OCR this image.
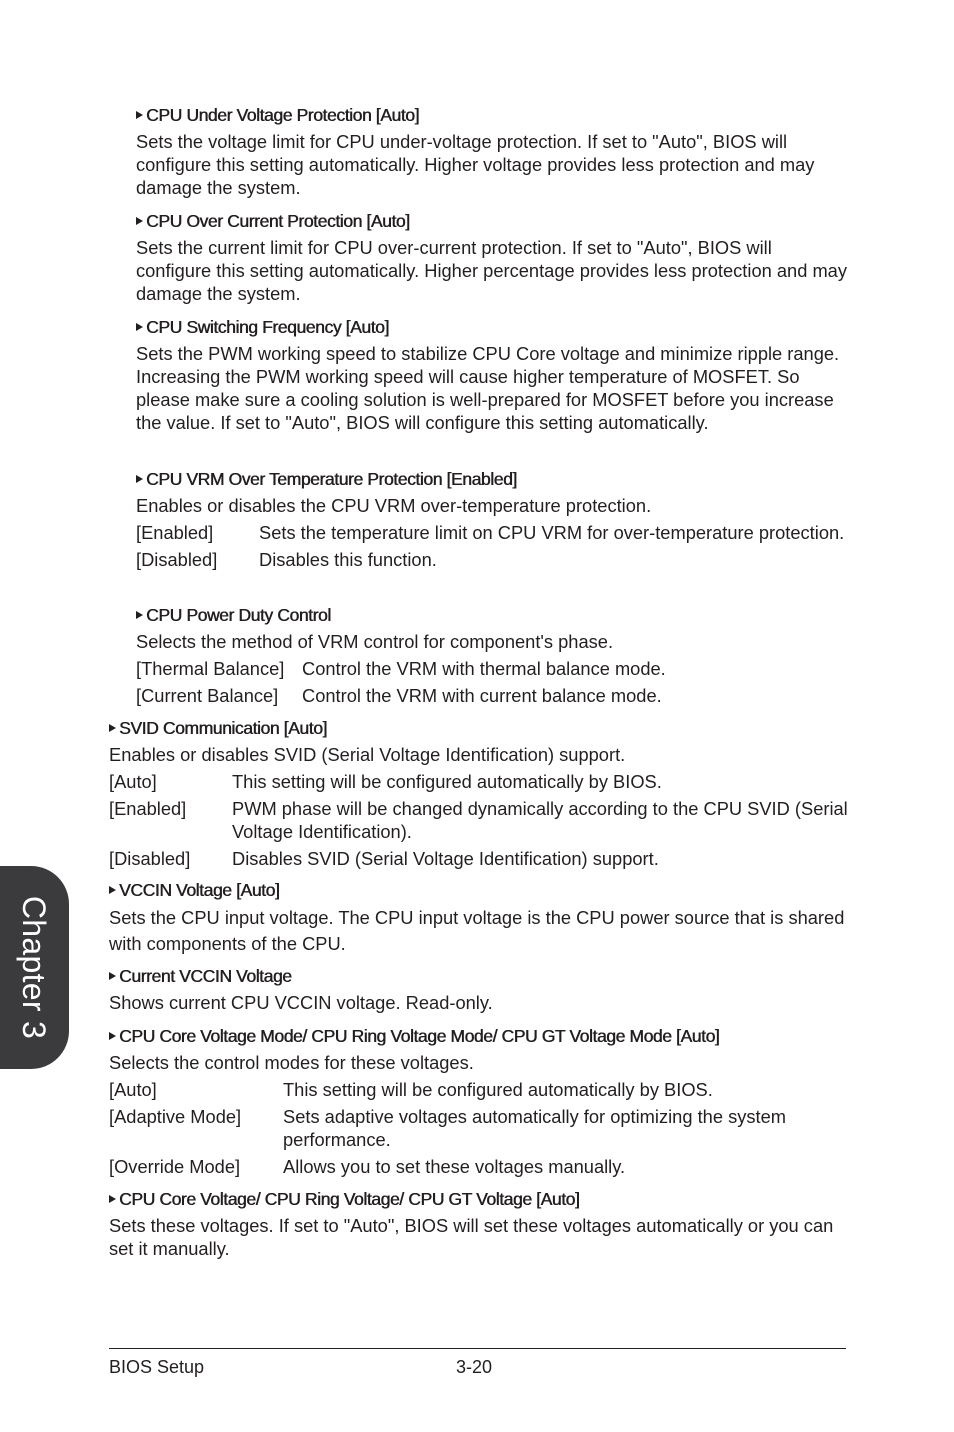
CPU Under Voltage Protection [Auto]
Sets the voltage limit for CPU under-voltage protection. If set to "Auto", BIOS will configure this setting automatically. Higher voltage provides less protection and may damage the system.
CPU Over Current Protection [Auto]
Sets the current limit for CPU over-current protection. If set to "Auto", BIOS will configure this setting automatically. Higher percentage provides less protection and may damage the system.
CPU Switching Frequency [Auto]
Sets the PWM working speed to stabilize CPU Core voltage and minimize ripple range. Increasing the PWM working speed will cause higher temperature of MOSFET. So please make sure a cooling solution is well-prepared for MOSFET before you increase the value. If set to "Auto", BIOS will configure this setting automatically.
CPU VRM Over Temperature Protection [Enabled]
Enables or disables the CPU VRM over-temperature protection.
[Enabled]	Sets the temperature limit on CPU VRM for over-temperature protection.
[Disabled]	Disables this function.
CPU Power Duty Control
Selects the method of VRM control for component's phase.
[Thermal Balance] Control the VRM with thermal balance mode.
[Current Balance]	Control the VRM with current balance mode.
SVID Communication [Auto]
Enables or disables SVID (Serial Voltage Identification) support.
[Auto]	This setting will be configured automatically by BIOS.
[Enabled]	PWM phase will be changed dynamically according to the CPU SVID (Serial Voltage Identification).
[Disabled]	Disables SVID (Serial Voltage Identification) support.
VCCIN Voltage [Auto]
Sets the CPU input voltage. The CPU input voltage is the CPU power source that is shared with components of the CPU.
Current VCCIN Voltage
Shows current CPU VCCIN voltage. Read-only.
CPU Core Voltage Mode/ CPU Ring Voltage Mode/ CPU GT Voltage Mode [Auto]
Selects the control modes for these voltages.
[Auto]	This setting will be configured automatically by BIOS.
[Adaptive Mode]	Sets adaptive voltages automatically for optimizing the system performance.
[Override Mode]	Allows you to set these voltages manually.
CPU Core Voltage/ CPU Ring Voltage/ CPU GT Voltage [Auto]
Sets these voltages. If set to "Auto", BIOS will set these voltages automatically or you can set it manually.
Chapter 3
BIOS Setup	3-20
